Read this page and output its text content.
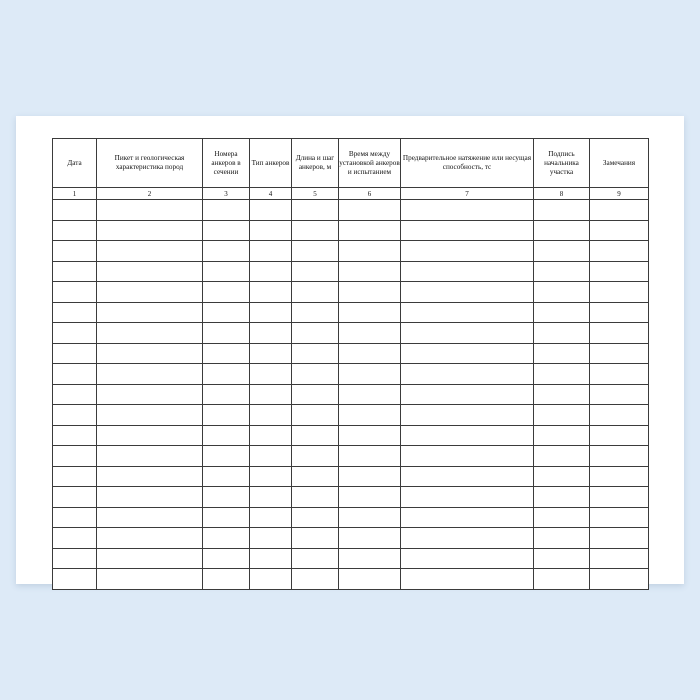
Дата	Пикет и геологическая характеристика пород	Номера анкеров в сечении	Тип анкеров	Длина и шаг анкеров, м	Время между установкой анкеров и испытанием	Предварительное натяжение или несущая способность, тс	Подпись начальника участка	Замечания
1	2	3	4	5	6	7	8	9
